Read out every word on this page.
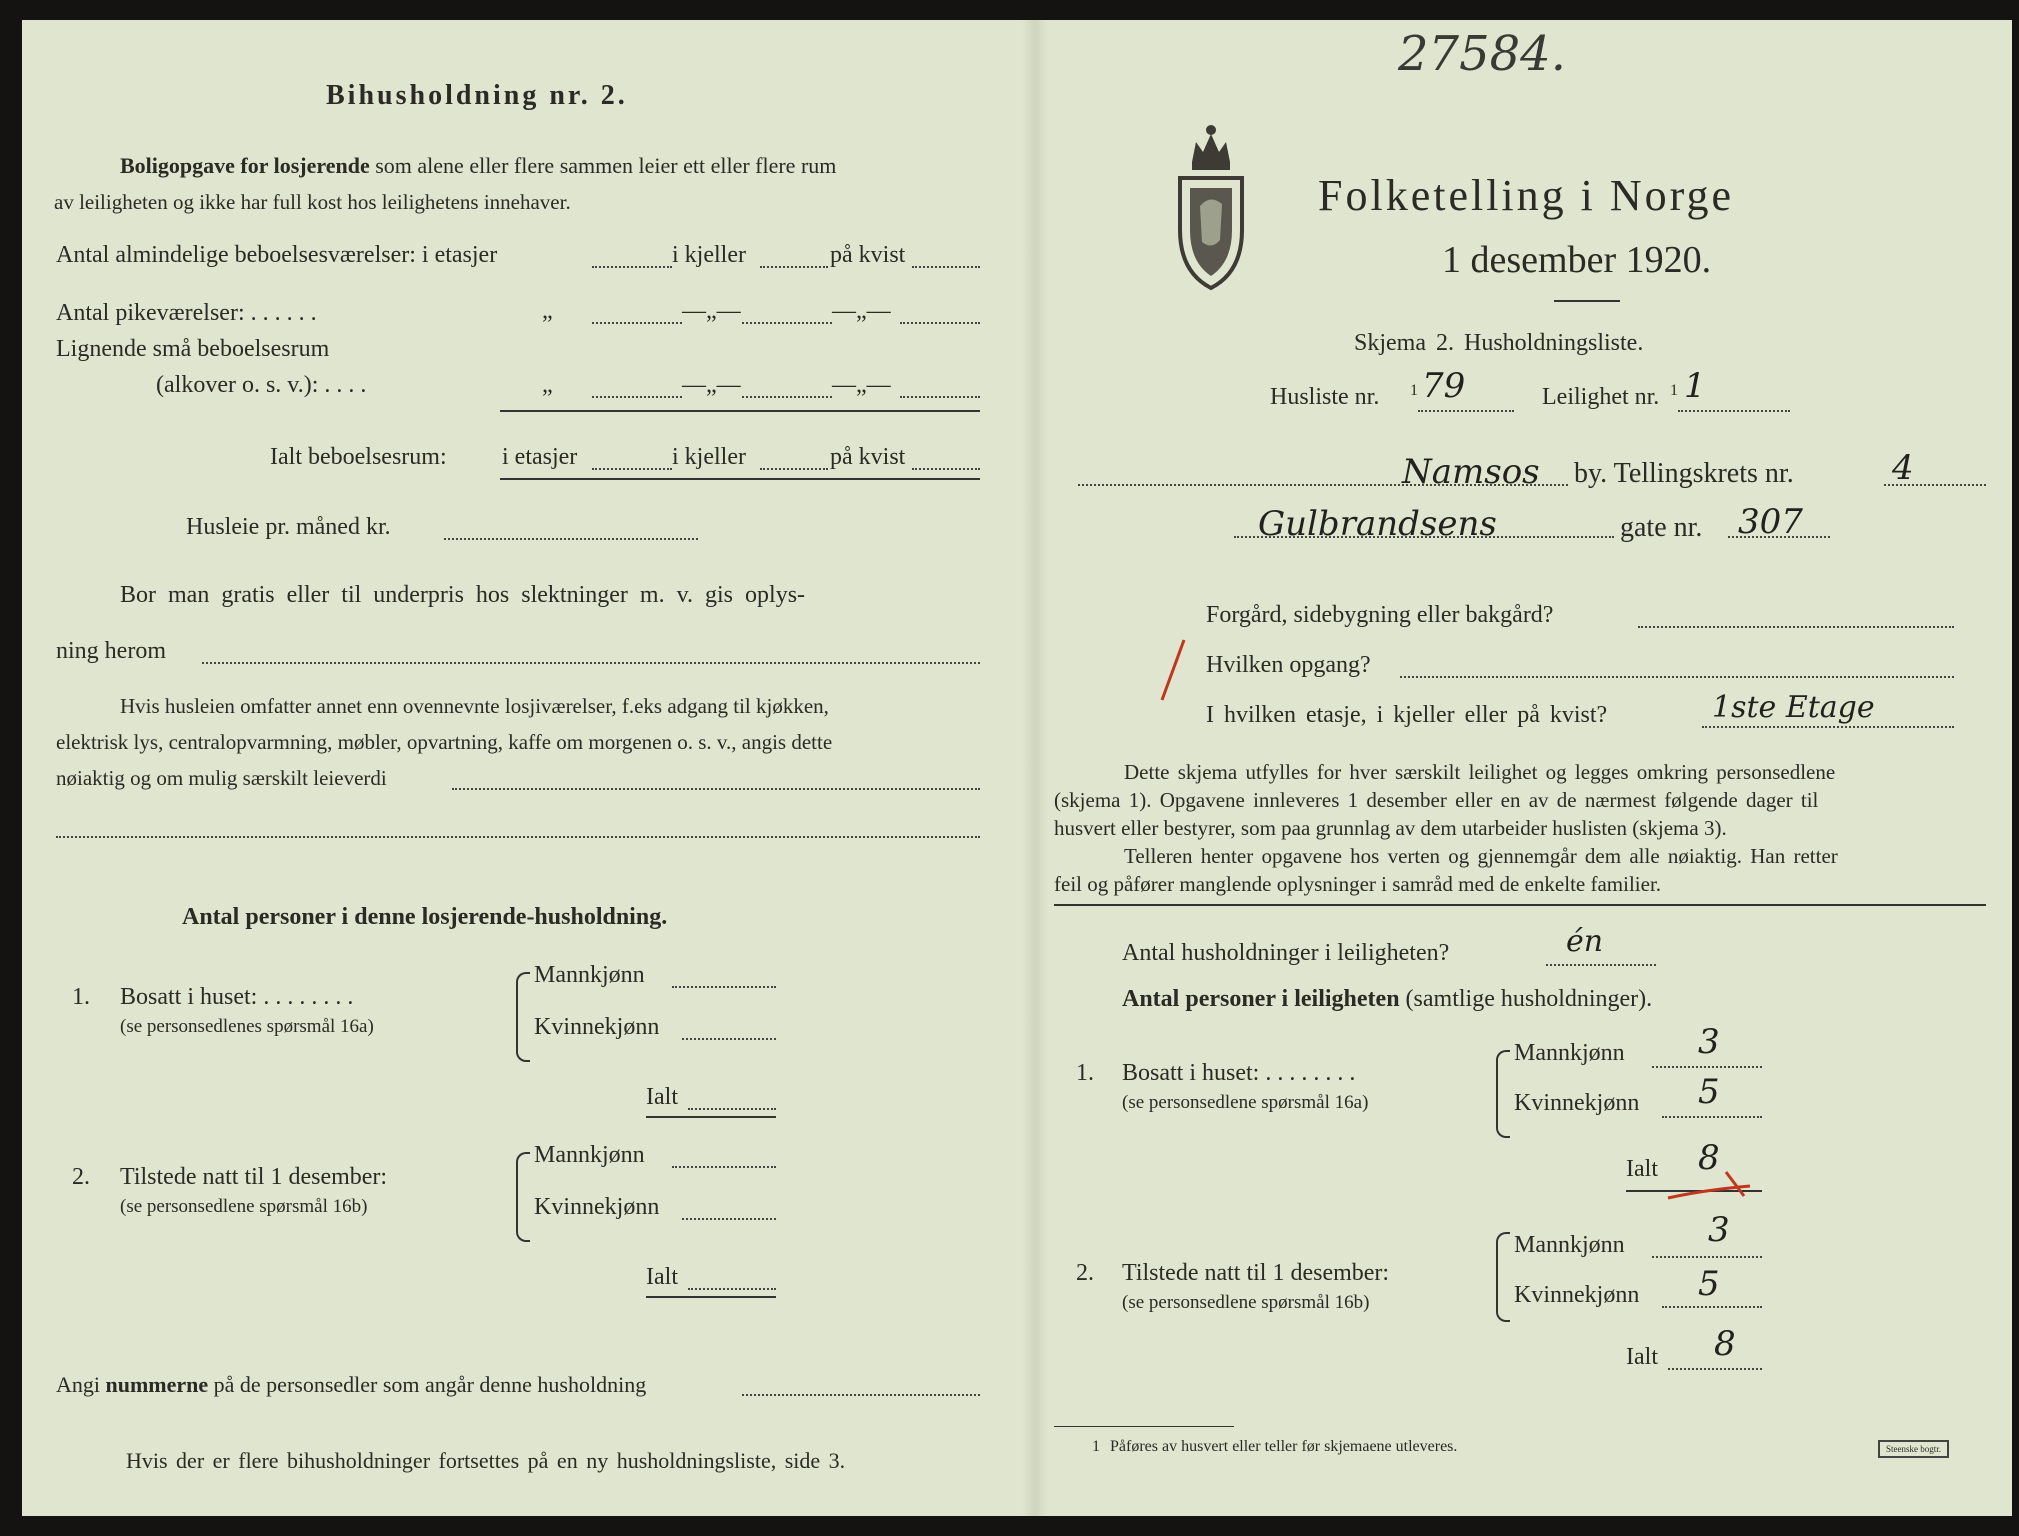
Bihusholdning nr. 2.
Boligopgave for losjerende som alene eller flere sammen leier ett eller flere rum
av leiligheten og ikke har full kost hos leilighetens innehaver.
Antal almindelige beboelsesværelser: i etasjer	i kjeller	på kvist
Antal pikeværelser: . . . . . .	„	—„—	—„—
Lignende små beboelsesrum
(alkover o. s. v.): . . . .	„	—„—	—„—
Ialt beboelsesrum: i etasjer	i kjeller	på kvist
Husleie pr. måned kr.
Bor man gratis eller til underpris hos slektninger m. v. gis oplys-
ning herom
Hvis husleien omfatter annet enn ovennevnte losjiværelser, f.eks adgang til kjøkken,
elektrisk lys, centralopvarmning, møbler, opvartning, kaffe om morgenen o. s. v., angis dette
nøiaktig og om mulig særskilt leieverdi
Antal personer i denne losjerende-husholdning.
1. Bosatt i huset: . . . . . . . .
(se personsedlenes spørsmål 16a)
Mannkjønn
Kvinnekjønn
Ialt
2. Tilstede natt til 1 desember:
(se personsedlene spørsmål 16b)
Mannkjønn
Kvinnekjønn
Ialt
Angi nummerne på de personsedler som angår denne husholdning
Hvis der er flere bihusholdninger fortsettes på en ny husholdningsliste, side 3.
27584.
Folketelling i Norge
1 desember 1920.
Skjema 2. Husholdningsliste.
Husliste nr. 1 79	Leilighet nr. 1 1
Namsos by. Tellingskrets nr.	4
Gulbrandsens	gate nr. 307
Forgård, sidebygning eller bakgård?
Hvilken opgang?
I hvilken etasje, i kjeller eller på kvist?	1ste Etage
Dette skjema utfylles for hver særskilt leilighet og legges omkring personsedlene
(skjema 1). Opgavene innleveres 1 desember eller en av de nærmest følgende dager til
husvert eller bestyrer, som paa grunnlag av dem utarbeider huslisten (skjema 3).
Telleren henter opgavene hos verten og gjennemgår dem alle nøiaktig. Han retter
feil og påfører manglende oplysninger i samråd med de enkelte familier.
Antal husholdninger i leiligheten?	én
Antal personer i leiligheten (samtlige husholdninger).
1. Bosatt i huset: . . . . . . . .
(se personsedlene spørsmål 16a)
Mannkjønn 3
Kvinnekjønn 5
Ialt 8
2. Tilstede natt til 1 desember:
(se personsedlene spørsmål 16b)
Mannkjønn 3
Kvinnekjønn 5
Ialt 8
1 Påføres av husvert eller teller før skjemaene utleveres.	Steenske bogtr.
